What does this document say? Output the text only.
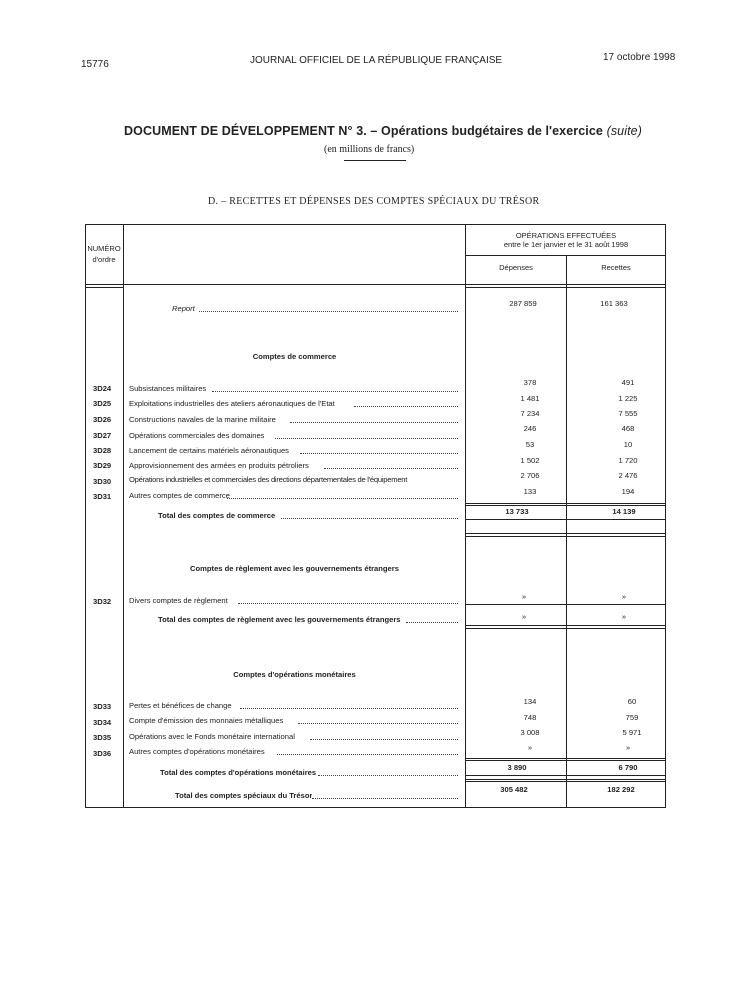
15776	JOURNAL OFFICIEL DE LA RÉPUBLIQUE FRANÇAISE	17 octobre 1998
DOCUMENT DE DÉVELOPPEMENT N° 3. – Opérations budgétaires de l'exercice (suite)
(en millions de francs)
D. – RECETTES ET DÉPENSES DES COMPTES SPÉCIAUX DU TRÉSOR
NUMÉRO
d'ordre
OPÉRATIONS EFFECTUÉES
entre le 1er janvier et le 31 août 1998
Dépenses	Recettes
Report
287 859	161 363
Comptes de commerce
3D24 Subsistances militaires
378	491
3D25 Exploitations industrielles des ateliers aéronautiques de l'Etat
1 481	1 225
3D26 Constructions navales de la marine militaire
7 234	7 555
3D27 Opérations commerciales des domaines
246	468
3D28 Lancement de certains matériels aéronautiques
53	10
3D29 Approvisionnement des armées en produits pétroliers
1 502	1 720
3D30 Opérations industrielles et commerciales des directions départementales de l'équipement	2 706	2 476
3D31 Autres comptes de commerce	133	194
Total des comptes de commerce	13 733	14 139
Comptes de règlement avec les gouvernements étrangers
3D32 Divers comptes de règlement	»	»
Total des comptes de règlement avec les gouvernements étrangers	»	»
Comptes d'opérations monétaires
3D33 Pertes et bénéfices de change	134	60
3D34 Compte d'émission des monnaies métalliques	748	759
3D35 Opérations avec le Fonds monétaire international	3 008	5 971
3D36 Autres comptes d'opérations monétaires	»	»
Total des comptes d'opérations monétaires
3 890	6 790
Total des comptes spéciaux du Trésor
305 482	182 292
